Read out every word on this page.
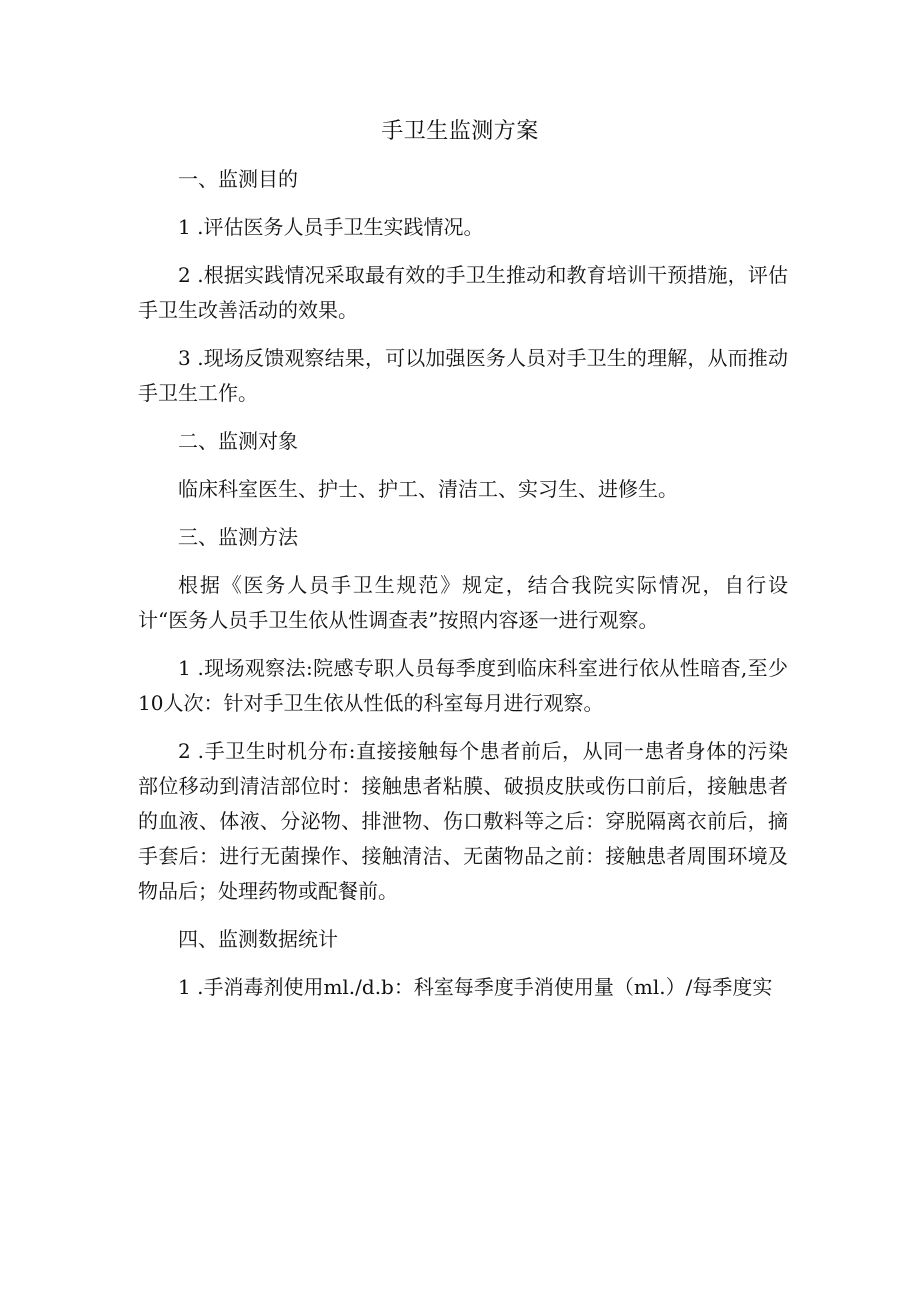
手卫生监测方案

一、监测目的

1 .评估医务人员手卫生实践情况。

2 .根据实践情况采取最有效的手卫生推动和教育培训干预措施，评估手卫生改善活动的效果。

3 .现场反馈观察结果，可以加强医务人员对手卫生的理解，从而推动手卫生工作。

二、监测对象

临床科室医生、护士、护工、清洁工、实习生、进修生。

三、监测方法

根据《医务人员手卫生规范》规定，结合我院实际情况，自行设计“医务人员手卫生依从性调查表”按照内容逐一进行观察。

1 .现场观察法:院感专职人员每季度到临床科室进行依从性暗杳,至少10人次：针对手卫生依从性低的科室每月进行观察。

2 .手卫生时机分布:直接接触每个患者前后，从同一患者身体的污染部位移动到清洁部位时：接触患者粘膜、破损皮肤或伤口前后，接触患者的血液、体液、分泌物、排泄物、伤口敷料等之后：穿脱隔离衣前后，摘手套后：进行无菌操作、接触清洁、无菌物品之前：接触患者周围环境及物品后；处理药物或配餐前。

四、监测数据统计

1 .手消毒剂使用ml./d.b：科室每季度手消使用量（ml.）/每季度实
